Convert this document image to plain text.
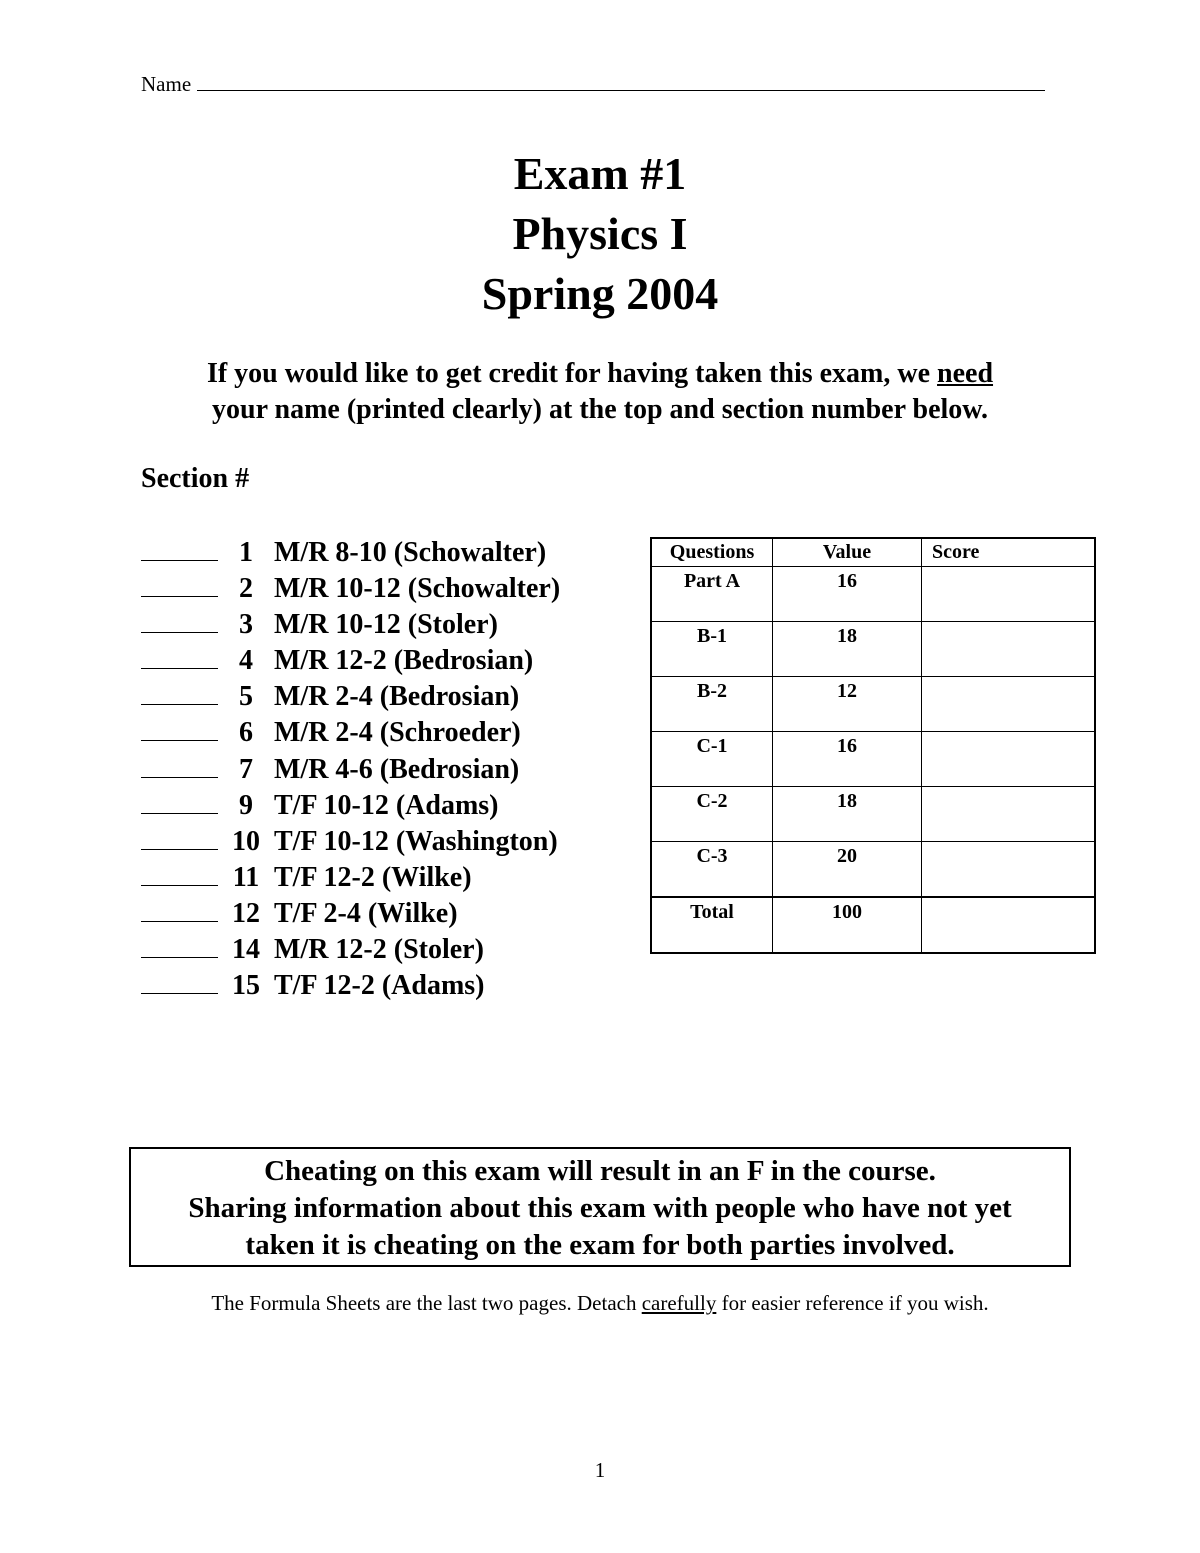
Name
Exam #1
Physics I
Spring 2004
If you would like to get credit for having taken this exam, we need
your name (printed clearly) at the top and section number below.
Section #
1 M/R 8-10 (Schowalter)
2 M/R 10-12 (Schowalter)
3 M/R 10-12 (Stoler)
4 M/R 12-2 (Bedrosian)
5 M/R 2-4 (Bedrosian)
6 M/R 2-4 (Schroeder)
7 M/R 4-6 (Bedrosian)
9 T/F 10-12 (Adams)
10 T/F 10-12 (Washington)
11 T/F 12-2 (Wilke)
12 T/F 2-4 (Wilke)
14 M/R 12-2 (Stoler)
15 T/F 12-2 (Adams)
Questions	Value	Score
Part A	16	
B-1	18	
B-2	12	
C-1	16	
C-2	18	
C-3	20	
Total	100	
Cheating on this exam will result in an F in the course.
Sharing information about this exam with people who have not yet
taken it is cheating on the exam for both parties involved.
The Formula Sheets are the last two pages. Detach carefully for easier reference if you wish.
1
